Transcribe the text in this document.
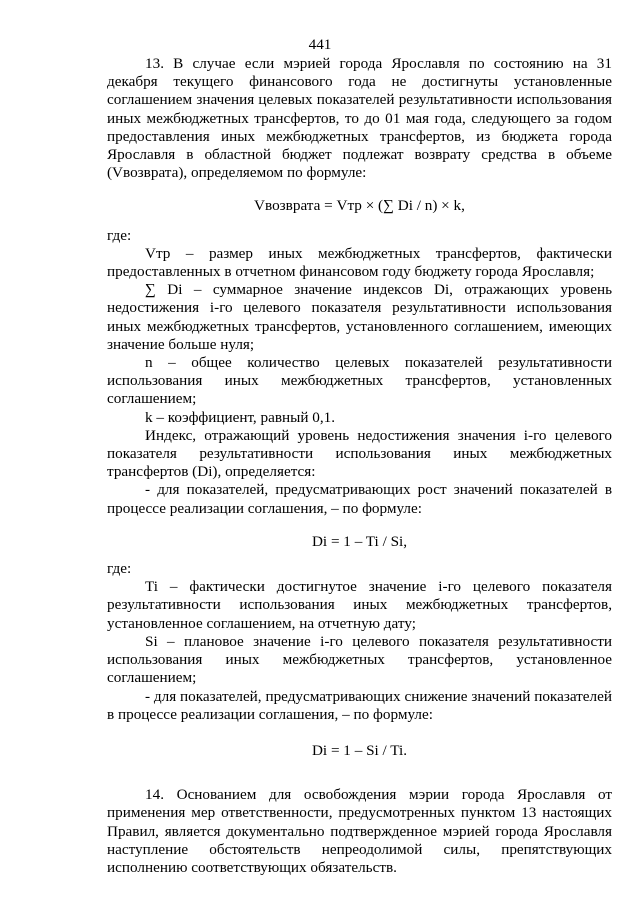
441

13. В случае если мэрией города Ярославля по состоянию на 31 декабря текущего финансового года не достигнуты установленные соглашением значения целевых показателей результативности использования иных межбюджетных трансфертов, то до 01 мая года, следующего за годом предоставления иных межбюджетных трансфертов, из бюджета города Ярославля в областной бюджет подлежат возврату средства в объеме (Vвозврата), определяемом по формуле:

Vвозврата = Vтр × (∑ Di / n) × k,

где:

Vтр – размер иных межбюджетных трансфертов, фактически предоставленных в отчетном финансовом году бюджету города Ярославля;

∑ Di – суммарное значение индексов Di, отражающих уровень недостижения i-го целевого показателя результативности использования иных межбюджетных трансфертов, установленного соглашением, имеющих значение больше нуля;

n – общее количество целевых показателей результативности использования иных межбюджетных трансфертов, установленных соглашением;

k – коэффициент, равный 0,1.

Индекс, отражающий уровень недостижения значения i-го целевого показателя результативности использования иных межбюджетных трансфертов (Di), определяется:

- для показателей, предусматривающих рост значений показателей в процессе реализации соглашения, – по формуле:

Di = 1 – Ti / Si,

где:

Ti – фактически достигнутое значение i-го целевого показателя результативности использования иных межбюджетных трансфертов, установленное соглашением, на отчетную дату;

Si – плановое значение i-го целевого показателя результативности использования иных межбюджетных трансфертов, установленное соглашением;

- для показателей, предусматривающих снижение значений показателей в процессе реализации соглашения, – по формуле:

Di = 1 – Si / Ti.

14. Основанием для освобождения мэрии города Ярославля от применения мер ответственности, предусмотренных пунктом 13 настоящих Правил, является документально подтвержденное мэрией города Ярославля наступление обстоятельств непреодолимой силы, препятствующих исполнению соответствующих обязательств.
